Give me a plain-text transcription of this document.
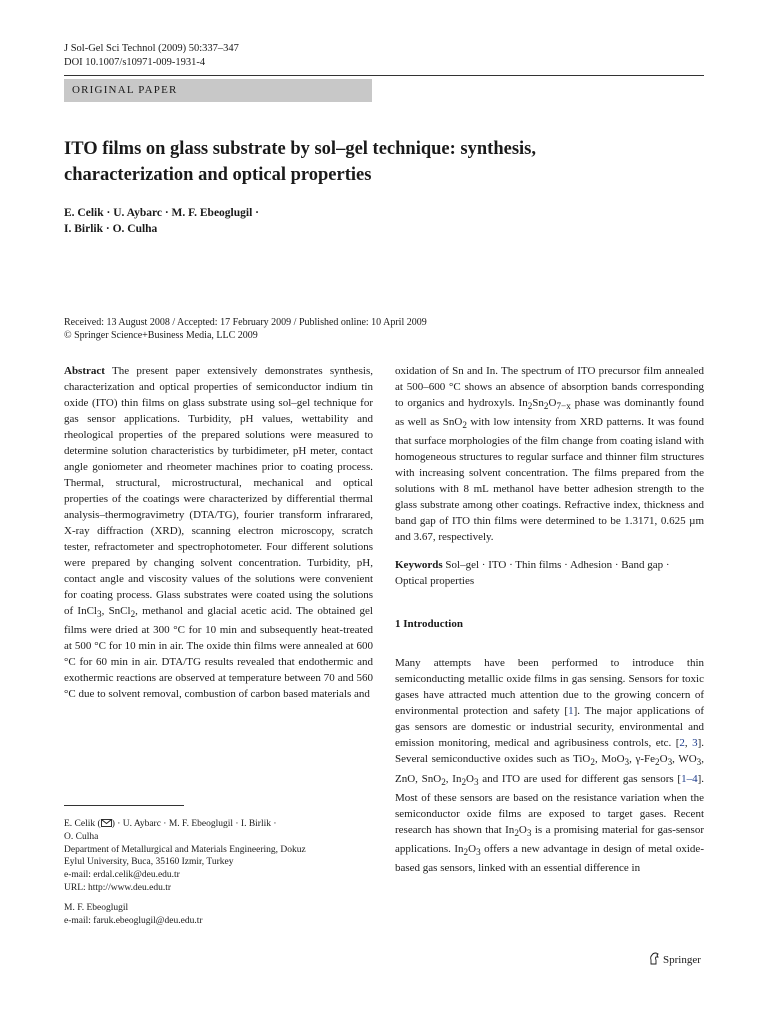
J Sol-Gel Sci Technol (2009) 50:337–347
DOI 10.1007/s10971-009-1931-4
ORIGINAL PAPER
ITO films on glass substrate by sol–gel technique: synthesis,
characterization and optical properties
E. Celik · U. Aybarc · M. F. Ebeoglugil ·
I. Birlik · O. Culha
Received: 13 August 2008 / Accepted: 17 February 2009 / Published online: 10 April 2009
© Springer Science+Business Media, LLC 2009

Abstract The present paper extensively demonstrates synthesis, characterization and optical properties of semiconductor indium tin oxide (ITO) thin films on glass substrate using sol–gel technique for gas sensor applications. Turbidity, pH values, wettability and rheological properties of the prepared solutions were measured to determine solution characteristics by turbidimeter, pH meter, contact angle goniometer and rheometer machines prior to coating process. Thermal, structural, microstructural, mechanical and optical properties of the coatings were characterized by differential thermal analysis–thermogravimetry (DTA/TG), fourier transform infrarared, X-ray diffraction (XRD), scanning electron microscopy, scratch tester, refractometer and spectrophotometer. Four different solutions were prepared by changing solvent concentration. Turbidity, pH, contact angle and viscosity values of the solutions were convenient for coating process. Glass substrates were coated using the solutions of InCl$_3$, SnCl$_2$, methanol and glacial acetic acid. The obtained gel films were dried at 300 °C for 10 min and subsequently heat-treated at 500 °C for 10 min in air. The oxide thin films were annealed at 600 °C for 60 min in air. DTA/TG results revealed that endothermic and exothermic reactions are observed at temperature between 70 and 560 °C due to solvent removal, combustion of carbon based materials and

oxidation of Sn and In. The spectrum of ITO precursor film annealed at 500–600 °C shows an absence of absorption bands corresponding to organics and hydroxyls. $In_2Sn_2O_{7-x}$ phase was dominantly found as well as SnO$_2$ with low intensity from XRD patterns. It was found that surface morphologies of the film change from coating island with homogeneous structures to regular surface and thinner film structures with increasing solvent concentration. The films prepared from the solutions with 8 mL methanol have better adhesion strength to the glass substrate among other coatings. Refractive index, thickness and band gap of ITO thin films were determined to be 1.3171, 0.625 µm and 3.67, respectively.

Keywords Sol–gel · ITO · Thin films · Adhesion · Band gap · Optical properties

1 Introduction

Many attempts have been performed to introduce thin semiconducting metallic oxide films in gas sensing. Sensors for toxic gases have attracted much attention due to the growing concern of environmental protection and safety [1]. The major applications of gas sensors are domestic or industrial security, environmental and emission monitoring, medical and agribusiness controls, etc. [2, 3]. Several semiconductive oxides such as TiO$_2$, MoO$_3$, $\gamma-Fe_2O_3$, $WO_3$, ZnO, SnO$_2$, $In_2O_3$ and ITO are used for different gas sensors [1–4]. Most of these sensors are based on the resistance variation when the semiconductor oxide films are exposed to target gases. Recent research has shown that $In_2O_3$ is a promising material for gas-sensor applications. $In_2O_3$ offers a new advantage in design of metal oxide-based gas sensors, linked with an essential difference in

E. Celik ( ) · U. Aybarc · M. F. Ebeoglugil · I. Birlik ·

O. Culha

Department of Metallurgical and Materials Engineering, Dokuz

Eylul University, Buca, 35160 Izmir, Turkey

e-mail: erdal.celik@deu.edu.tr

URL: http://www.deu.edu.tr

M. F. Ebeoglugil

e-mail: faruk.ebeoglugil@deu.edu.tr

Springer
